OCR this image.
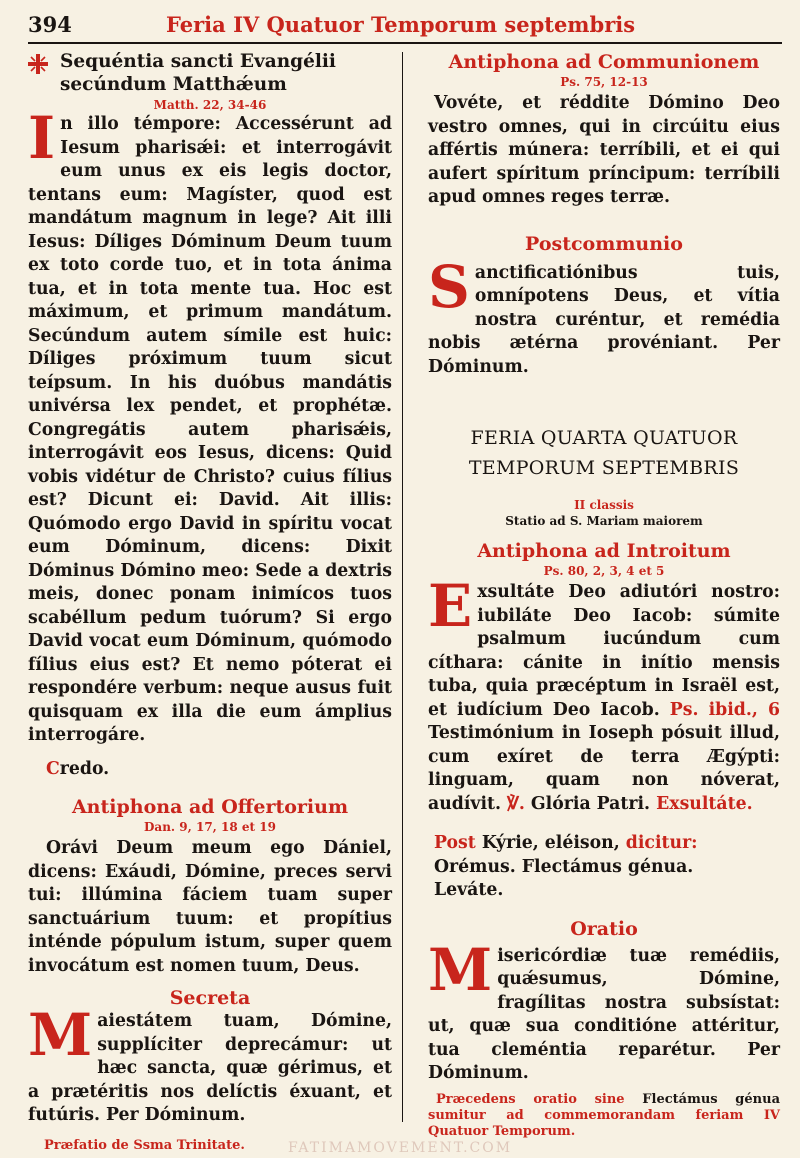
394	Feria IV Quatuor Temporum septembris
Sequéntia sancti Evangélii secúndum Matthǽum

Matth. 22, 34-46

In illo témpore: Accessérunt ad Iesum pharisǽi: et interrogávit eum unus ex eis legis doctor, tentans eum: Magíster, quod est mandátum magnum in lege? Ait illi Iesus: Díliges Dóminum Deum tuum ex toto corde tuo, et in tota ánima tua, et in tota mente tua. Hoc est máximum, et primum mandátum. Secúndum autem símile est huic: Díliges próximum tuum sicut teípsum. In his duóbus mandátis univérsa lex pendet, et prophétæ. Congregátis autem pharisǽis, interrogávit eos Iesus, dicens: Quid vobis vidétur de Christo? cuius fílius est? Dicunt ei: David. Ait illis: Quómodo ergo David in spíritu vocat eum Dóminum, dicens: Dixit Dóminus Dómino meo: Sede a dextris meis, donec ponam inimícos tuos scabéllum pedum tuórum? Si ergo David vocat eum Dóminum, quómodo fílius eius est? Et nemo póterat ei respondére verbum: neque ausus fuit quisquam ex illa die eum ámplius interrogáre.

Credo.

Antiphona ad Offertorium

Dan. 9, 17, 18 et 19

Orávi Deum meum ego Dániel, dicens: Exáudi, Dómine, preces servi tui: illúmina fáciem tuam super sanctuárium tuum: et propítius inténde pópulum istum, super quem invocátum est nomen tuum, Deus.

Secreta

Maiestátem tuam, Dómine, supplíciter deprecámur: ut hæc sancta, quæ gérimus, et a prætéritis nos delíctis éxuant, et futúris. Per Dóminum.

Præfatio de Ssma Trinitate.

Antiphona ad Communionem

Ps. 75, 12-13

Vovéte, et réddite Dómino Deo vestro omnes, qui in circúitu eius affértis múnera: terríbili, et ei qui aufert spíritum príncipum: terríbili apud omnes reges terræ.

Postcommunio

Sanctificatiónibus tuis, omnípotens Deus, et vítia nostra curéntur, et remédia nobis ætérna provéniant. Per Dóminum.

FERIA QUARTA QUATUOR
TEMPORUM SEPTEMBRIS

II classis

Statio ad S. Mariam maiorem

Antiphona ad Introitum

Ps. 80, 2, 3, 4 et 5

Exsultáte Deo adiutóri nostro: iubiláte Deo Iacob: súmite psalmum iucúndum cum cíthara: cánite in inítio mensis tuba, quia præcéptum in Israël est, et iudícium Deo Iacob. Ps. ibid., 6 Testimónium in Ioseph pósuit illud, cum exíret de terra Ægýpti: linguam, quam non nóverat, audívit. ℣. Glória Patri. Exsultáte.

Post Kýrie, eléison, dicitur:
Orémus. Flectámus génua.
Leváte.

Oratio

Misericórdiæ tuæ remédiis, quǽsumus, Dómine, fragílitas nostra subsístat: ut, quæ sua conditióne attéritur, tua cleméntia reparétur. Per Dóminum.

Præcedens oratio sine Flectámus génua sumitur ad commemorandam feriam IV Quatuor Temporum.

FATIMAMOVEMENT.COM
